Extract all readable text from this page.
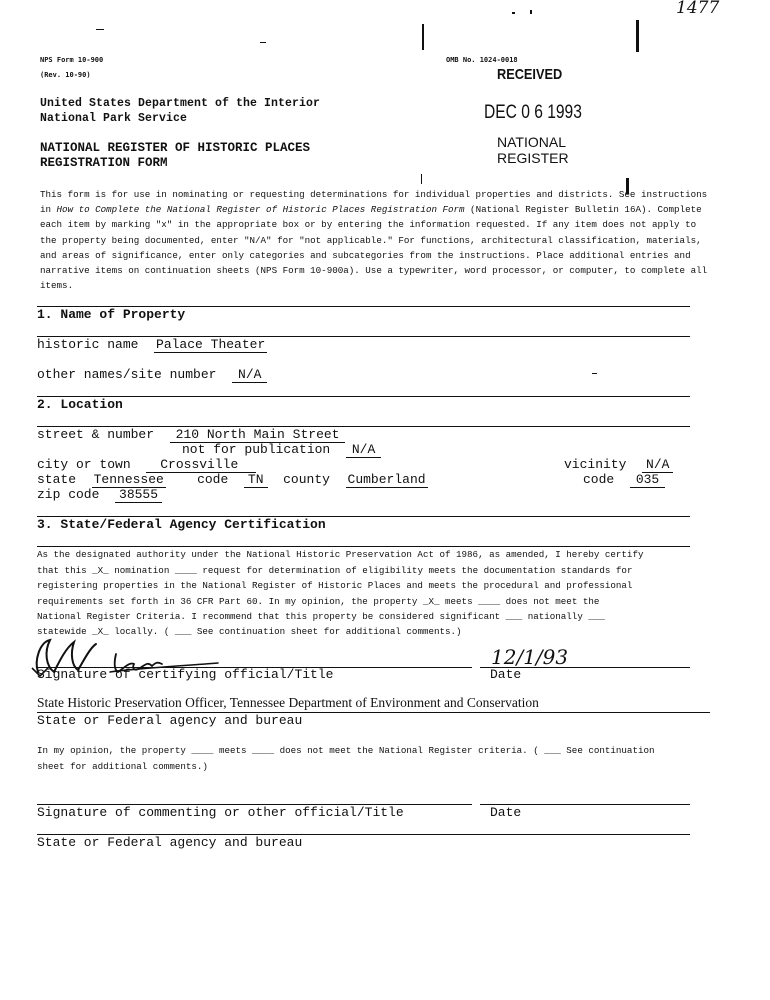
1477
NPS Form 10-900
(Rev. 10-90)
OMB No. 1024-0018
RECEIVED
DEC 0 6 1993
NATIONAL
REGISTER
United States Department of the Interior
National Park Service
NATIONAL REGISTER OF HISTORIC PLACES
REGISTRATION FORM
This form is for use in nominating or requesting determinations for individual properties and districts. See instructions in How to Complete the National Register of Historic Places Registration Form (National Register Bulletin 16A). Complete each item by marking "x" in the appropriate box or by entering the information requested. If any item does not apply to the property being documented, enter "N/A" for "not applicable." For functions, architectural classification, materials, and areas of significance, enter only categories and subcategories from the instructions. Place additional entries and narrative items on continuation sheets (NPS Form 10-900a). Use a typewriter, word processor, or computer, to complete all items.
1. Name of Property
historic name Palace Theater
other names/site number N/A
2. Location
street & number 210 North Main Street
not for publication N/A
city or town Crossville	vicinity N/A
state Tennessee	code TN county Cumberland	code 035
zip code 38555
3. State/Federal Agency Certification
As the designated authority under the National Historic Preservation Act of 1986, as amended, I hereby certify
that this _X_ nomination ____ request for determination of eligibility meets the documentation standards for
registering properties in the National Register of Historic Places and meets the procedural and professional
requirements set forth in 36 CFR Part 60. In my opinion, the property _X_ meets ____ does not meet the
National Register Criteria. I recommend that this property be considered significant ___ nationally ___
statewide _X_ locally. ( ___ See continuation sheet for additional comments.)
12/1/93
Signature of certifying official/Title	Date
State Historic Preservation Officer, Tennessee Department of Environment and Conservation
State or Federal agency and bureau
In my opinion, the property ____ meets ____ does not meet the National Register criteria. ( ___ See continuation
sheet for additional comments.)
Signature of commenting or other official/Title	Date
State or Federal agency and bureau
